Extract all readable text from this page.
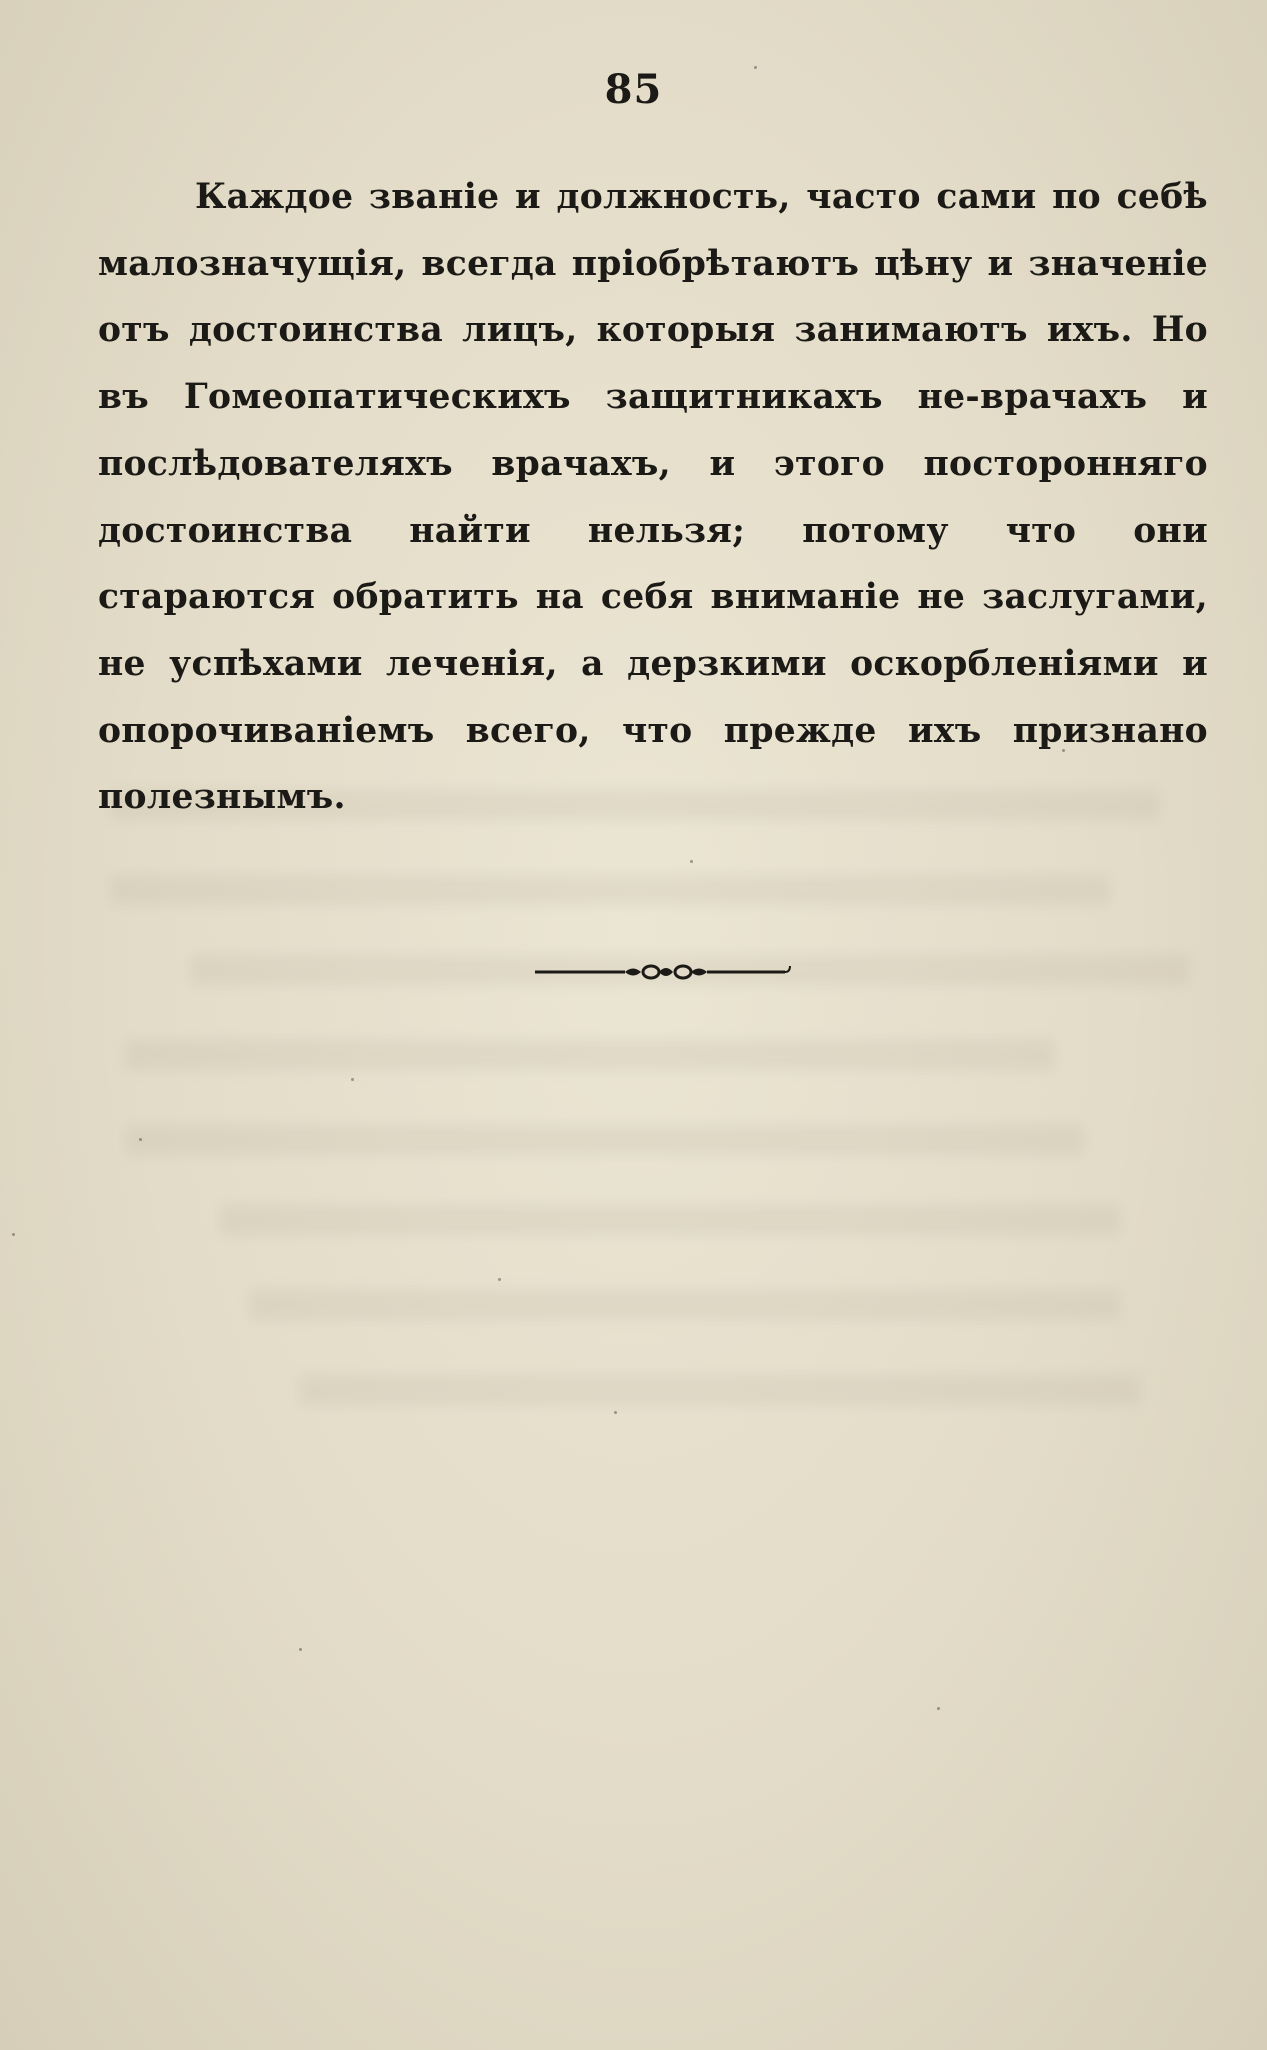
85

Каждое званіе и должность, часто сами по себѣ малозначущія, всегда пріобрѣтаютъ цѣну и значеніе отъ достоинства лицъ, которыя занимаютъ ихъ. Но въ Гомеопатическихъ защитникахъ не-врачахъ и послѣдователяхъ врачахъ, и этого посторонняго достоинства найти нельзя; потому что они стараются обратить на себя вниманіе не заслугами, не успѣхами леченія, а дерзкими оскорбленіями и опорочиваніемъ всего, что прежде ихъ признано полезнымъ.
